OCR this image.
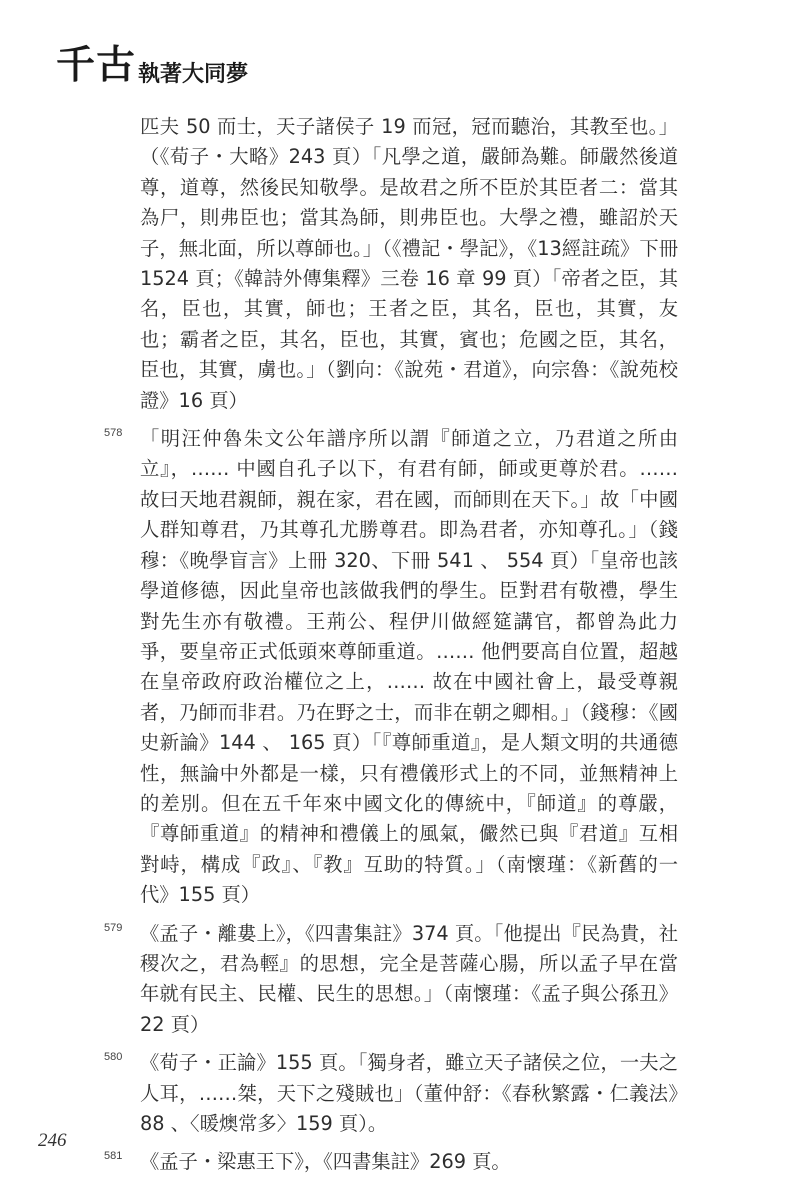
千古執著大同夢

匹夫 50 而士，天子諸侯子 19 而冠，冠而聽治，其教至也。」（《荀子・大略》243 頁）「凡學之道，嚴師為難。師嚴然後道尊，道尊，然後民知敬學。是故君之所不臣於其臣者二：當其為尸，則弗臣也；當其為師，則弗臣也。大學之禮，雖詔於天子，無北面，所以尊師也。」（《禮記・學記》，《13經註疏》下冊 1524 頁；《韓詩外傳集釋》三卷 16 章 99 頁）「帝者之臣，其名，臣也，其實，師也；王者之臣，其名，臣也，其實，友也；霸者之臣，其名，臣也，其實，賓也；危國之臣，其名，臣也，其實，虜也。」（劉向：《說苑・君道》，向宗魯：《說苑校證》16 頁）

578 「明汪仲魯朱文公年譜序所以謂『師道之立，乃君道之所由立』，…… 中國自孔子以下，有君有師，師或更尊於君。…… 故曰天地君親師，親在家，君在國，而師則在天下。」故「中國人群知尊君，乃其尊孔尤勝尊君。即為君者，亦知尊孔。」（錢穆：《晚學盲言》上冊 320、下冊 541 、 554 頁）「皇帝也該學道修德，因此皇帝也該做我們的學生。臣對君有敬禮，學生對先生亦有敬禮。王荊公、程伊川做經筵講官，都曾為此力爭，要皇帝正式低頭來尊師重道。…… 他們要高自位置，超越在皇帝政府政治權位之上，…… 故在中國社會上，最受尊親者，乃師而非君。乃在野之士，而非在朝之卿相。」（錢穆：《國史新論》144 、 165 頁）「『尊師重道』，是人類文明的共通德性，無論中外都是一樣，只有禮儀形式上的不同，並無精神上的差別。但在五千年來中國文化的傳統中，『師道』的尊嚴，『尊師重道』的精神和禮儀上的風氣，儼然已與『君道』互相對峙，構成『政』、『教』互助的特質。」（南懷瑾：《新舊的一代》155 頁）

579 《孟子・離婁上》，《四書集註》374 頁。「他提出『民為貴，社稷次之，君為輕』的思想，完全是菩薩心腸，所以孟子早在當年就有民主、民權、民生的思想。」（南懷瑾：《孟子與公孫丑》22 頁）

580 《荀子・正論》155 頁。「獨身者，雖立天子諸侯之位，一夫之人耳，……桀，天下之殘賊也」（董仲舒：《春秋繁露・仁義法》88 、〈暖燠常多〉159 頁）。

581 《孟子・梁惠王下》，《四書集註》269 頁。

246
